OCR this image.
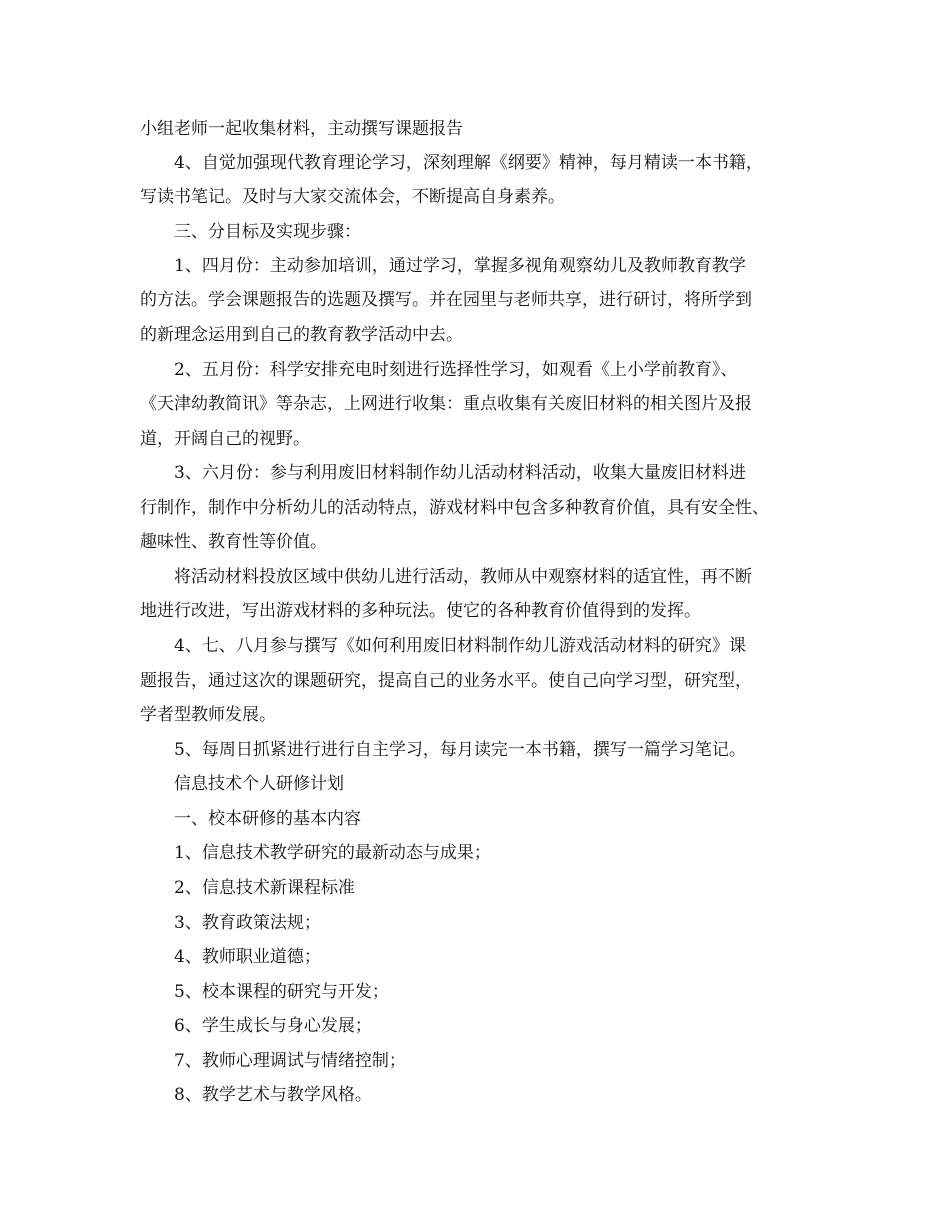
小组老师一起收集材料，主动撰写课题报告
4、自觉加强现代教育理论学习，深刻理解《纲要》精神，每月精读一本书籍，
写读书笔记。及时与大家交流体会，不断提高自身素养。
三、分目标及实现步骤：
1、四月份：主动参加培训，通过学习，掌握多视角观察幼儿及教师教育教学
的方法。学会课题报告的选题及撰写。并在园里与老师共享，进行研讨，将所学到
的新理念运用到自己的教育教学活动中去。
2、五月份：科学安排充电时刻进行选择性学习，如观看《上小学前教育》、
《天津幼教简讯》等杂志，上网进行收集：重点收集有关废旧材料的相关图片及报
道，开阔自己的视野。
3、六月份：参与利用废旧材料制作幼儿活动材料活动，收集大量废旧材料进
行制作，制作中分析幼儿的活动特点，游戏材料中包含多种教育价值，具有安全性、
趣味性、教育性等价值。
将活动材料投放区域中供幼儿进行活动，教师从中观察材料的适宜性，再不断
地进行改进，写出游戏材料的多种玩法。使它的各种教育价值得到的发挥。
4、七、八月参与撰写《如何利用废旧材料制作幼儿游戏活动材料的研究》课
题报告，通过这次的课题研究，提高自己的业务水平。使自己向学习型，研究型，
学者型教师发展。
5、每周日抓紧进行进行自主学习，每月读完一本书籍，撰写一篇学习笔记。
信息技术个人研修计划
一、校本研修的基本内容
1、信息技术教学研究的最新动态与成果；
2、信息技术新课程标准
3、教育政策法规；
4、教师职业道德；
5、校本课程的研究与开发；
6、学生成长与身心发展；
7、教师心理调试与情绪控制；
8、教学艺术与教学风格。
